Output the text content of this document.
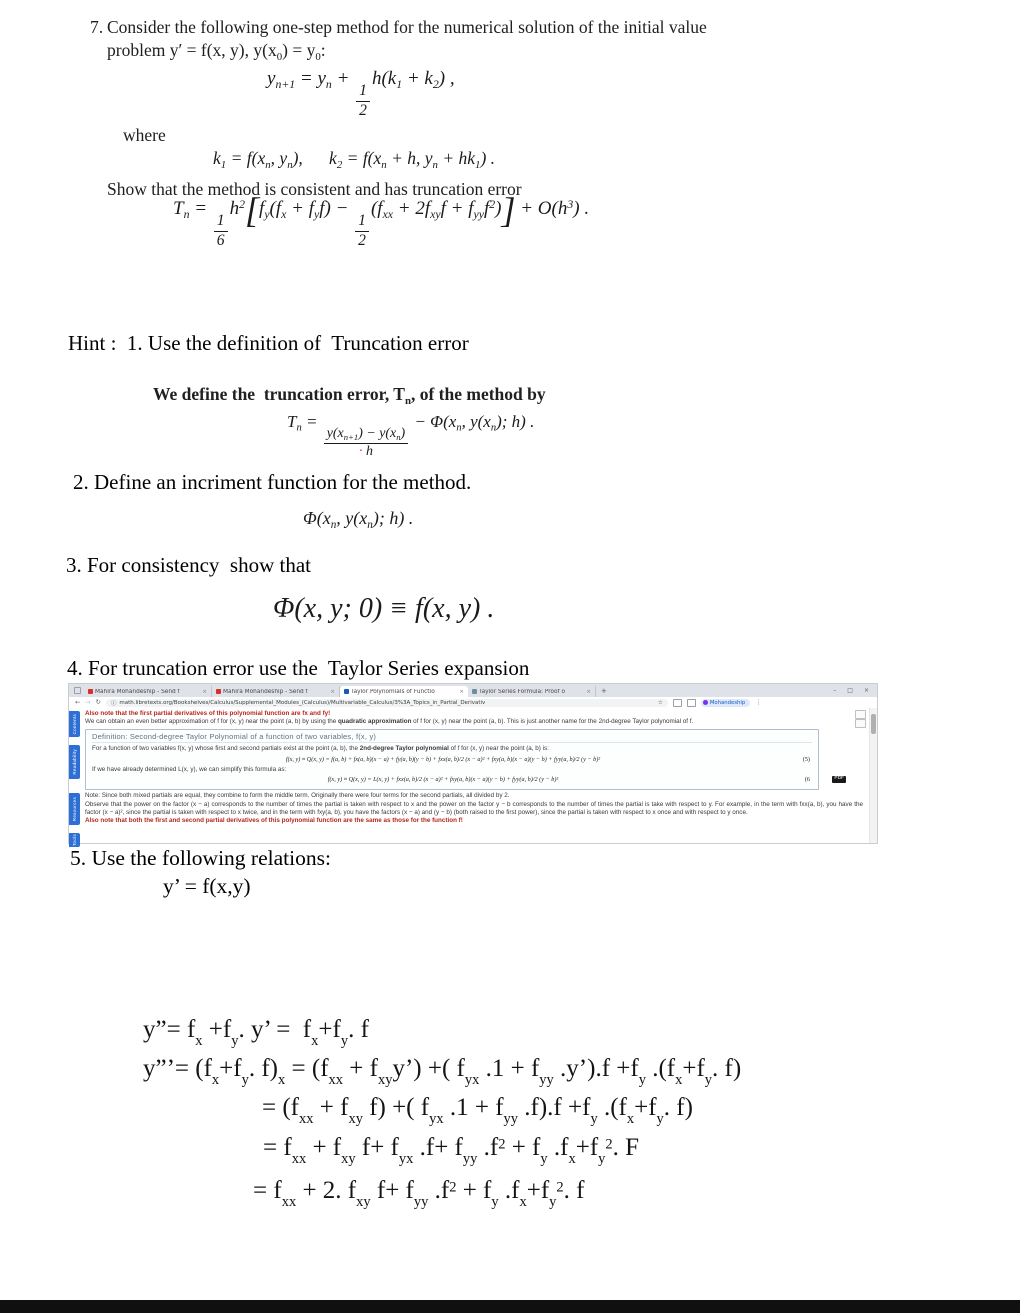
7. Consider the following one-step method for the numerical solution of the initial value
problem y′ = f(x, y), $y(x_0) = y_0$:
$y_{n+1} = y_n$ +
$\frac{1}{2}$
$h(k_1 + k_2)$ ,
where
$k_1 = f(x_n$, $y_n$),      $k_2 = f(x_n + h$, $y_n + hk_1$) .
Show that the method is consistent and has truncation error
$T_n$ =
$\frac{1}{6}$
$h^2[f_y(f_x + f_yf)$ −
$\frac{1}{2}$
$(f_{xx} + 2f_{xy}f + f_{yy}f^2)] + O(h^3)$ .
Hint :  1. Use the definition of  Truncation error
We define the  truncation error, $T_n$, of the method by
$T_n$ =
$\frac{y(x_{n+1}) - y(x_n)}{\cdot h}$
− $\Phi(x_n$, $y(x_n)$; h) .
2. Define an incriment function for the method.
$\Phi(x_n$, $y(x_n)$; h) .
3. For consistency  show that
Φ(x, y; 0) ≡ f(x, y) .
4. For truncation error use the  Taylor Series expansion
Mahira Mohandeship - Send f	×	Mahira Mohandeship - Send f	×	Taylor Polynomials of Functio	×	Taylor Series Formula: Proof o	× +	– □ ×
← → ↻ ⓘ math.libretexts.org/Bookshelves/Calculus/Supplemental_Modules_(Calculus)/Multivariable_Calculus/3%3A_Topics_in_Partial_Derivativ	☆	Mohandeship ⋮
Contents
Readability
Resources
Tools
Also note that the first partial derivatives of this polynomial function are fx and fy!
We can obtain an even better approximation of f for (x, y) near the point (a, b) by using the quadratic approximation of f for (x, y) near the point (a, b). This is just another name for the 2nd-degree Taylor polynomial of f.
Definition: Second-degree Taylor Polynomial of a function of two variables, f(x, y)
For a function of two variables f(x, y) whose first and second partials exist at the point (a, b), the 2nd-degree Taylor polynomial of f for (x, y) near the point (a, b) is:
f(x, y) ≈ Q(x, y) = f(a, b) + fx(a, b)(x − a) + fy(a, b)(y − b) + fxx(a, b)/2 (x − a)² + fxy(a, b)(x − a)(y − b) + fyy(a, b)/2 (y − b)²	(5)
If we have already determined L(x, y), we can simplify this formula as:
f(x, y) ≈ Q(x, y) = L(x, y) + fxx(a, b)/2 (x − a)² + fxy(a, b)(x − a)(y − b) + fyy(a, b)/2 (y − b)²	(6	PDF
Note: Since both mixed partials are equal, they combine to form the middle term. Originally there were four terms for the second partials, all divided by 2.
Observe that the power on the factor (x − a) corresponds to the number of times the partial is taken with respect to x and the power on the factor y − b corresponds to the number of times the partial is take with respect to y. For example, in the term with fxx(a, b), you have the factor (x − a)², since the partial is taken with respect to x twice, and in the term with fxy(a, b), you have the factors (x − a) and (y − b) (both raised to the first power), since the partial is taken with respect to x once and with respect to y once.
Also note that both the first and second partial derivatives of this polynomial function are the same as those for the function f!
5. Use the following relations:
y’ = f(x,y)
y”= $f_x +f_y$. y’ =  $f_x+f_y$. f
y”’= ($f_x+f_y$. $f)_x = (f_{xx}$ + $f_{xy}y$’) +( $f_{yx}$ $.1 + f_{yy}$ .y’).f $+f_y$ $.(f_x+f_y$. f)
= ($f_{xx} + f_{xy}$ f) +( $f_{yx}$ $.1 + f_{yy}$ $.f).f +f_y$ $.(f_x+f_y$. f)
= $f_{xx} + f_{xy}$ $f+ f_{yx}$ $.f+ f_{yy}$ $.f^2 + f_y$ $.f_x+f_y^2$. F
= $f_{xx} + 2$. $f_{xy}$ $f+ f_{yy}$ $.f^2 + f_y$ $.f_x+f_y^2$. f
